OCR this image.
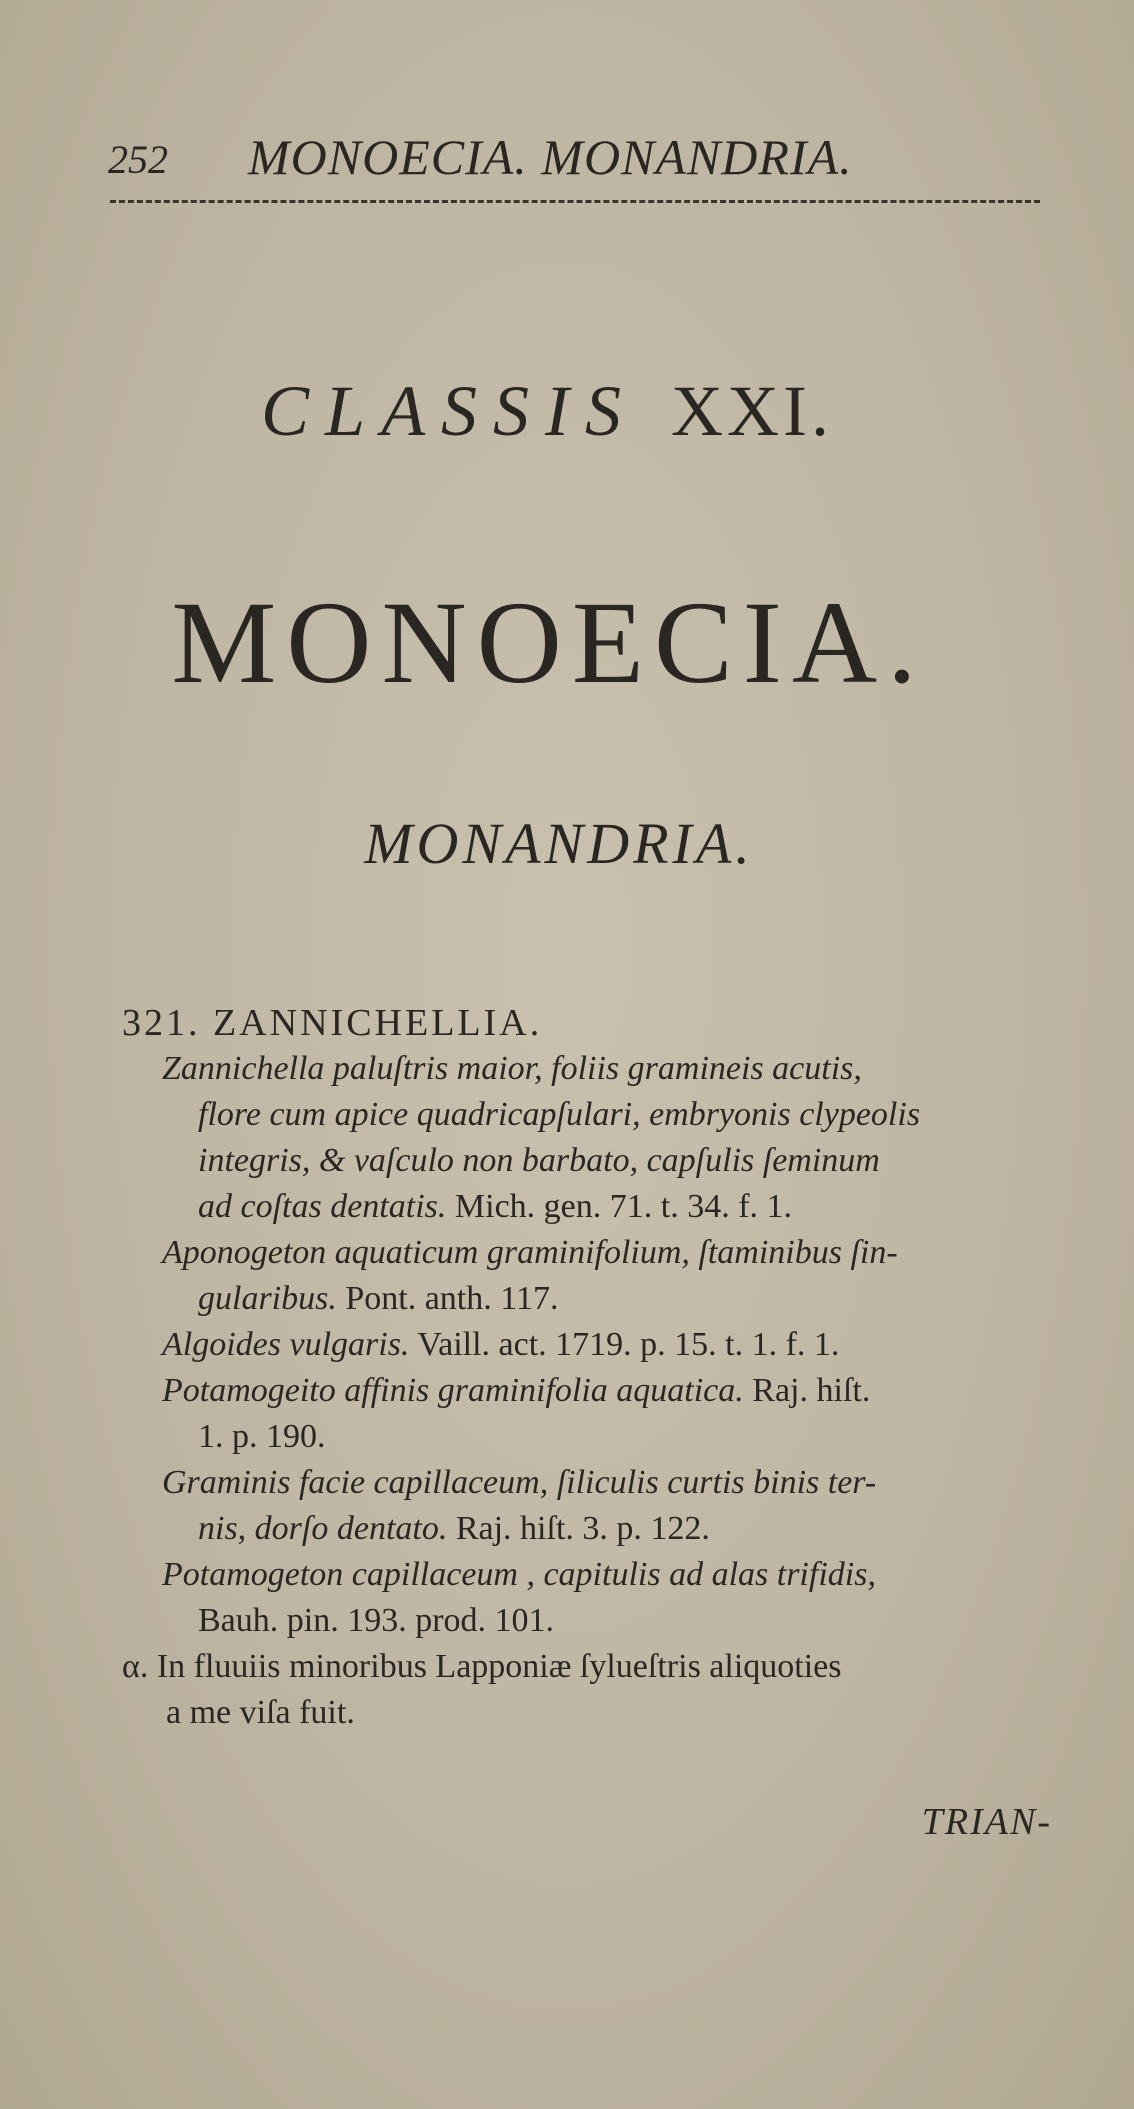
252 MONOECIA. MONANDRIA.
CLASSIS XXI.
MONOECIA.
MONANDRIA.
321. ZANNICHELLIA.
Zannichella paluſtris maior, foliis gramineis acutis,
flore cum apice quadricapſulari, embryonis clypeolis
integris, & vaſculo non barbato, capſulis ſeminum
ad coſtas dentatis. Mich. gen. 71. t. 34. f. 1.
Aponogeton aquaticum graminifolium, ſtaminibus ſin-
gularibus. Pont. anth. 117.
Algoides vulgaris. Vaill. act. 1719. p. 15. t. 1. f. 1.
Potamogeito affinis graminifolia aquatica. Raj. hiſt.
1. p. 190.
Graminis facie capillaceum, ſiliculis curtis binis ter-
nis, dorſo dentato. Raj. hiſt. 3. p. 122.
Potamogeton capillaceum , capitulis ad alas trifidis,
Bauh. pin. 193. prod. 101.
α. In fluuiis minoribus Lapponiæ ſylueſtris aliquoties
a me viſa fuit.
TRIAN-
